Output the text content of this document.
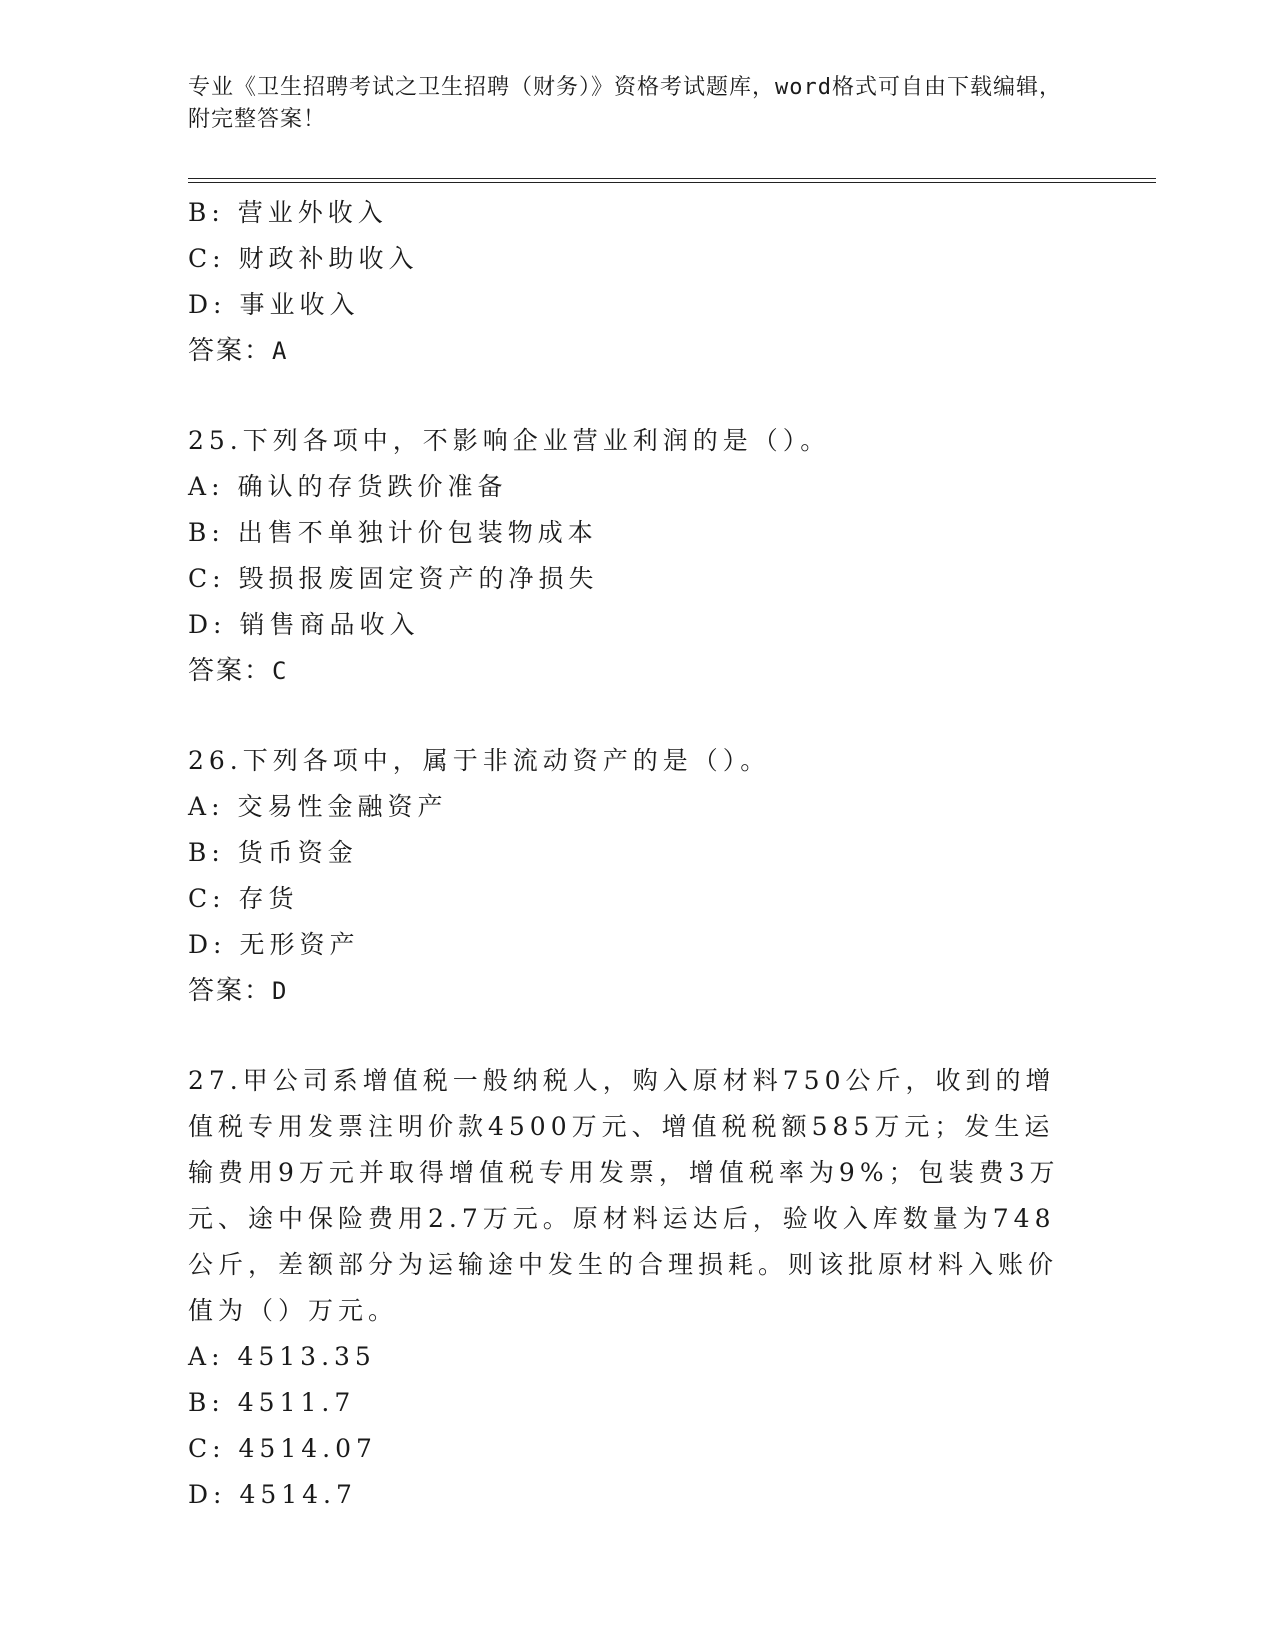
专业《卫生招聘考试之卫生招聘（财务）》资格考试题库，word格式可自由下载编辑，附完整答案！
B: 营业外收入
C: 财政补助收入
D: 事业收入
答案：A
25.下列各项中，不影响企业营业利润的是（）。
A: 确认的存货跌价准备
B: 出售不单独计价包装物成本
C: 毁损报废固定资产的净损失
D: 销售商品收入
答案：C
26.下列各项中，属于非流动资产的是（）。
A: 交易性金融资产
B: 货币资金
C: 存货
D: 无形资产
答案：D
27.甲公司系增值税一般纳税人，购入原材料750公斤，收到的增值税专用发票注明价款4500万元、增值税税额585万元；发生运输费用9万元并取得增值税专用发票，增值税率为9%；包装费3万元、途中保险费用2.7万元。原材料运达后，验收入库数量为748公斤，差额部分为运输途中发生的合理损耗。则该批原材料入账价值为（）万元。
A: 4513.35
B: 4511.7
C: 4514.07
D: 4514.7
